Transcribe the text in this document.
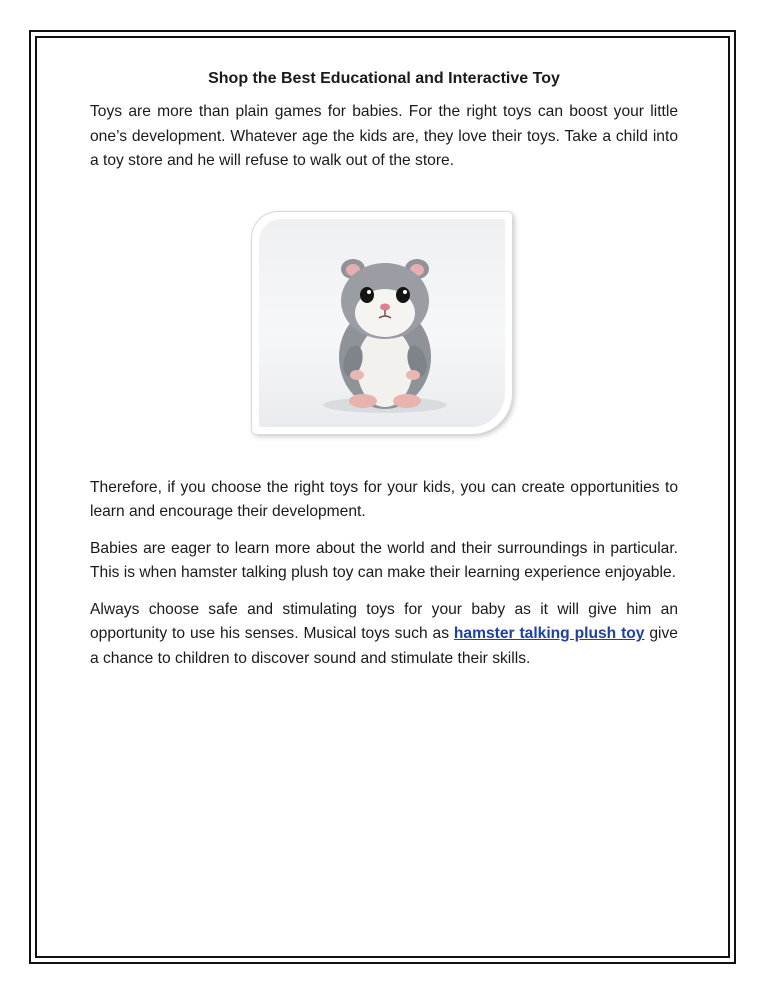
Shop the Best Educational and Interactive Toy

Toys are more than plain games for babies. For the right toys can boost your little one’s development. Whatever age the kids are, they love their toys. Take a child into a toy store and he will refuse to walk out of the store.

Therefore, if you choose the right toys for your kids, you can create opportunities to learn and encourage their development.

Babies are eager to learn more about the world and their surroundings in particular. This is when hamster talking plush toy can make their learning experience enjoyable.

Always choose safe and stimulating toys for your baby as it will give him an opportunity to use his senses. Musical toys such as hamster talking plush toy give a chance to children to discover sound and stimulate their skills.
